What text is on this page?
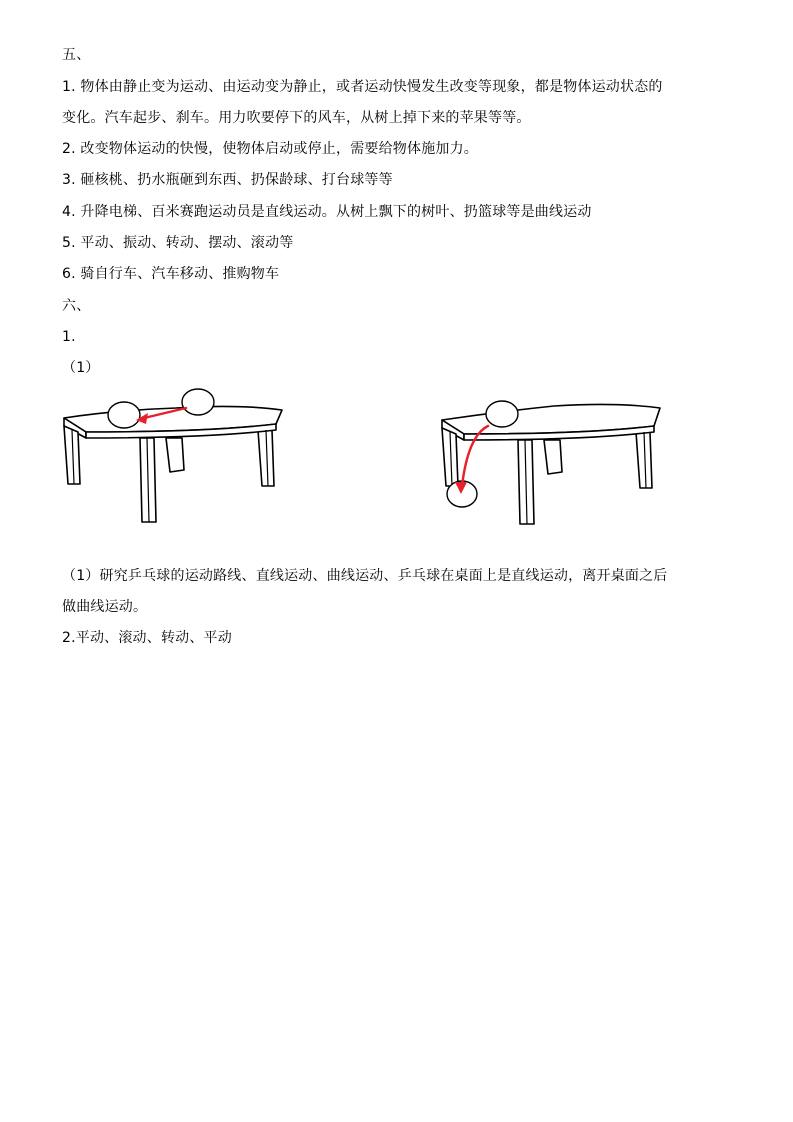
五、
1. 物体由静止变为运动、由运动变为静止，或者运动快慢发生改变等现象，都是物体运动状态的
变化。汽车起步、刹车。用力吹要停下的风车，从树上掉下来的苹果等等。
2. 改变物体运动的快慢，使物体启动或停止，需要给物体施加力。
3. 砸核桃、扔水瓶砸到东西、扔保龄球、打台球等等
4. 升降电梯、百米赛跑运动员是直线运动。从树上飘下的树叶、扔篮球等是曲线运动
5. 平动、振动、转动、摆动、滚动等
6. 骑自行车、汽车移动、推购物车
六、
1.
（1）
（1）研究乒乓球的运动路线、直线运动、曲线运动、乒乓球在桌面上是直线运动，离开桌面之后
做曲线运动。
2.平动、滚动、转动、平动
